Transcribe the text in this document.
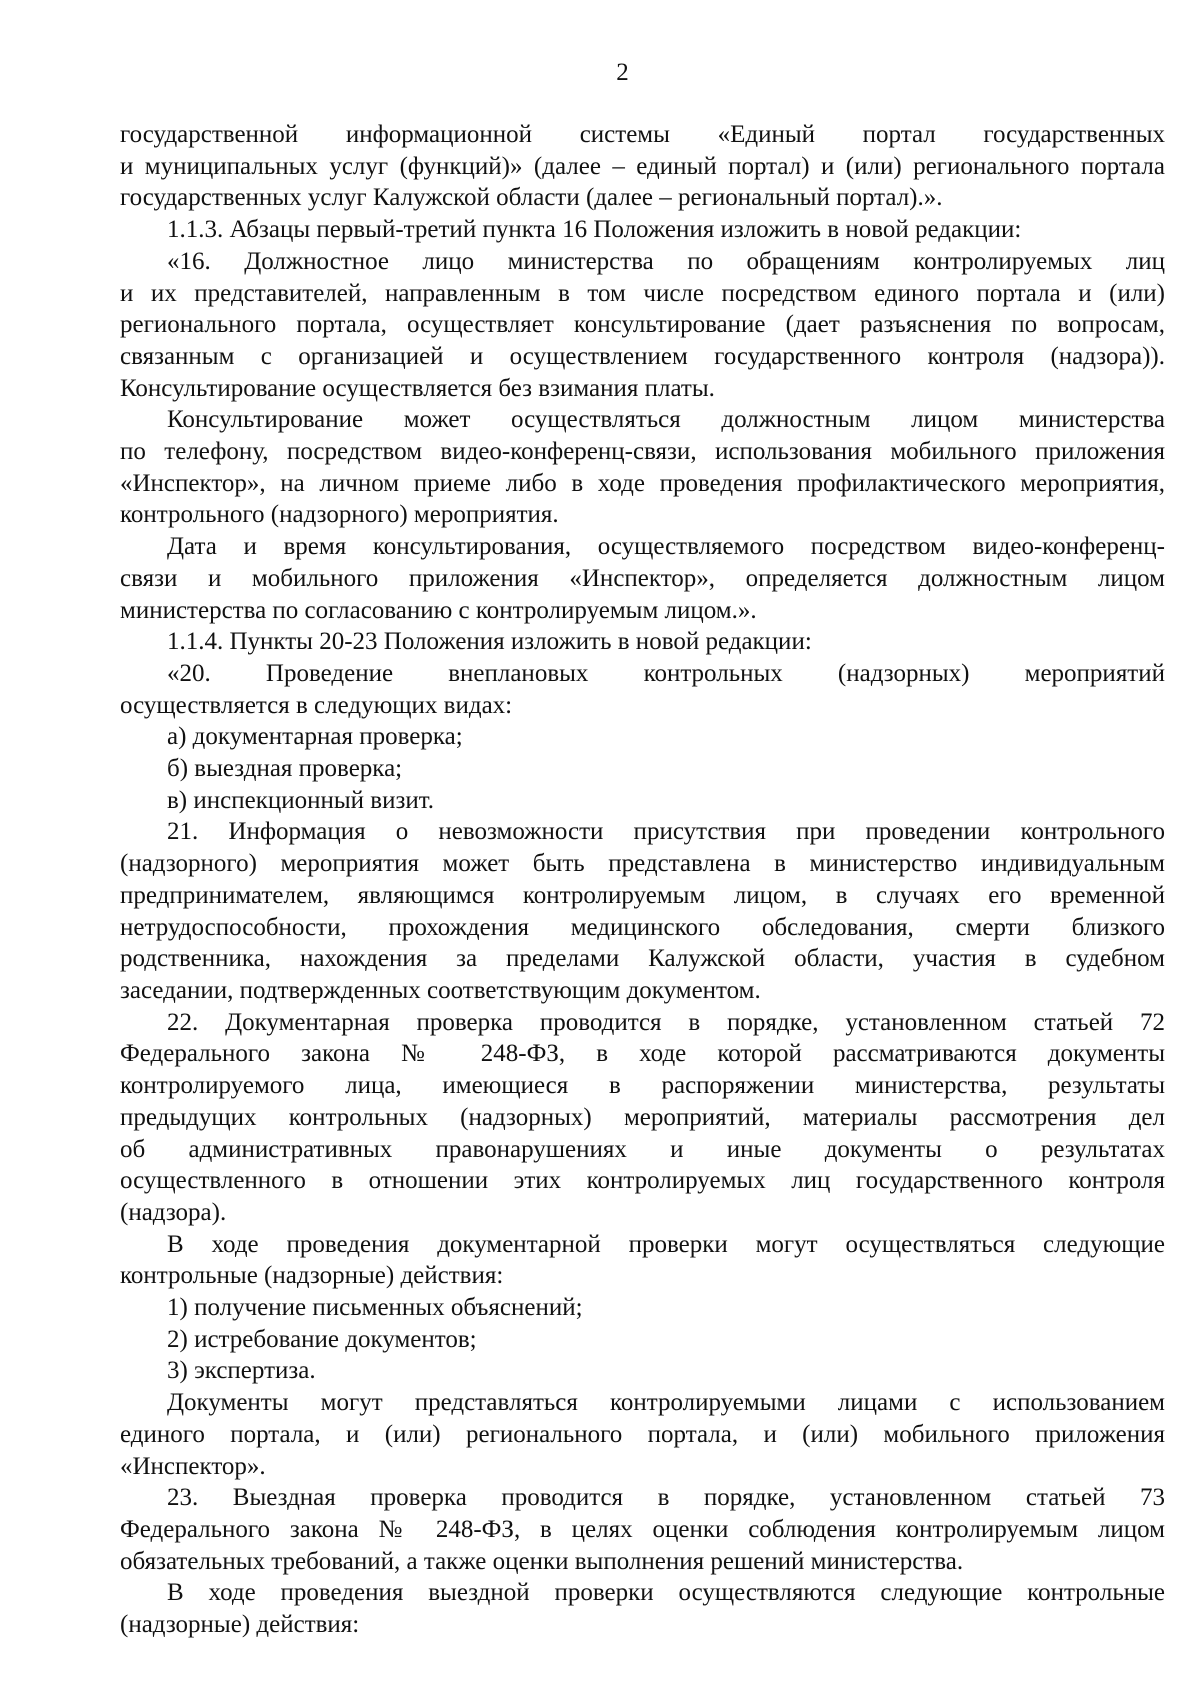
2

государственной информационной системы «Единый портал государственных

и муниципальных услуг (функций)» (далее – единый портал) и (или) регионального портала

государственных услуг Калужской области (далее – региональный портал).».

1.1.3. Абзацы первый-третий пункта 16 Положения изложить в новой редакции:

«16. Должностное лицо министерства по обращениям контролируемых лиц

и их представителей, направленным в том числе посредством единого портала и (или)

регионального портала, осуществляет консультирование (дает разъяснения по вопросам,

связанным с организацией и осуществлением государственного контроля (надзора)).

Консультирование осуществляется без взимания платы.

Консультирование может осуществляться должностным лицом министерства

по телефону, посредством видео-конференц-связи, использования мобильного приложения

«Инспектор», на личном приеме либо в ходе проведения профилактического мероприятия,

контрольного (надзорного) мероприятия.

Дата и время консультирования, осуществляемого посредством видео-конференц-

связи и мобильного приложения «Инспектор», определяется должностным лицом

министерства по согласованию с контролируемым лицом.».

1.1.4. Пункты 20-23 Положения изложить в новой редакции:

«20. Проведение внеплановых контрольных (надзорных) мероприятий

осуществляется в следующих видах:

а) документарная проверка;

б) выездная проверка;

в) инспекционный визит.

21. Информация о невозможности присутствия при проведении контрольного

(надзорного) мероприятия может быть представлена в министерство индивидуальным

предпринимателем, являющимся контролируемым лицом, в случаях его временной

нетрудоспособности, прохождения медицинского обследования, смерти близкого

родственника, нахождения за пределами Калужской области, участия в судебном

заседании, подтвержденных соответствующим документом.

22. Документарная проверка проводится в порядке, установленном статьей 72

Федерального закона № 248-ФЗ, в ходе которой рассматриваются документы

контролируемого лица, имеющиеся в распоряжении министерства, результаты

предыдущих контрольных (надзорных) мероприятий, материалы рассмотрения дел

об административных правонарушениях и иные документы о результатах

осуществленного в отношении этих контролируемых лиц государственного контроля

(надзора).

В ходе проведения документарной проверки могут осуществляться следующие

контрольные (надзорные) действия:

1) получение письменных объяснений;

2) истребование документов;

3) экспертиза.

Документы могут представляться контролируемыми лицами с использованием

единого портала, и (или) регионального портала, и (или) мобильного приложения

«Инспектор».

23. Выездная проверка проводится в порядке, установленном статьей 73

Федерального закона № 248-ФЗ, в целях оценки соблюдения контролируемым лицом

обязательных требований, а также оценки выполнения решений министерства.

В ходе проведения выездной проверки осуществляются следующие контрольные

(надзорные) действия:
